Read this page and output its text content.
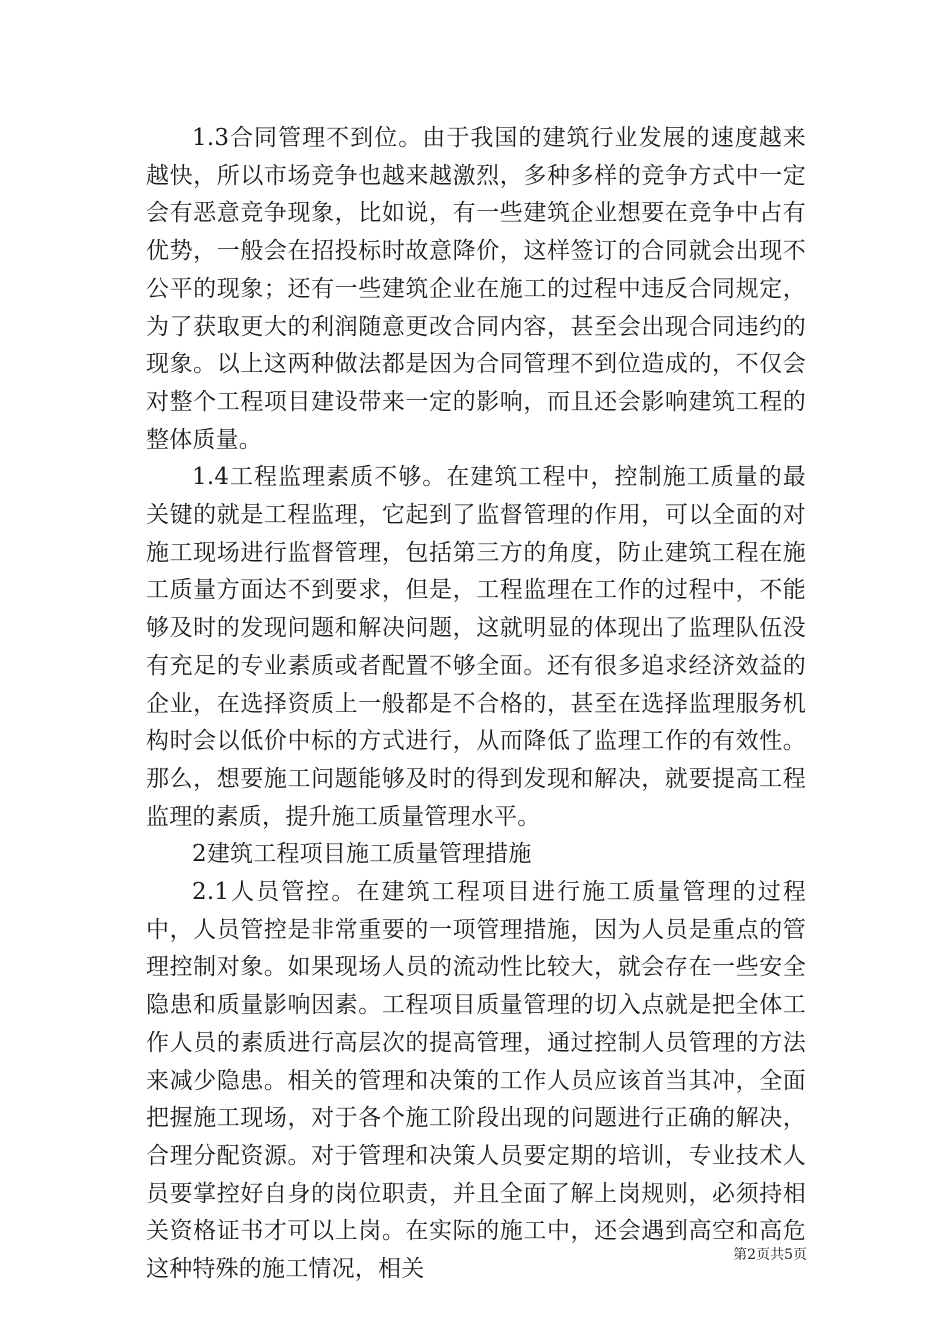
1.3合同管理不到位。由于我国的建筑行业发展的速度越来越快，所以市场竞争也越来越激烈，多种多样的竞争方式中一定会有恶意竞争现象，比如说，有一些建筑企业想要在竞争中占有优势，一般会在招投标时故意降价，这样签订的合同就会出现不公平的现象；还有一些建筑企业在施工的过程中违反合同规定，为了获取更大的利润随意更改合同内容，甚至会出现合同违约的现象。以上这两种做法都是因为合同管理不到位造成的，不仅会对整个工程项目建设带来一定的影响，而且还会影响建筑工程的整体质量。

1.4工程监理素质不够。在建筑工程中，控制施工质量的最关键的就是工程监理，它起到了监督管理的作用，可以全面的对施工现场进行监督管理，包括第三方的角度，防止建筑工程在施工质量方面达不到要求，但是，工程监理在工作的过程中，不能够及时的发现问题和解决问题，这就明显的体现出了监理队伍没有充足的专业素质或者配置不够全面。还有很多追求经济效益的企业，在选择资质上一般都是不合格的，甚至在选择监理服务机构时会以低价中标的方式进行，从而降低了监理工作的有效性。那么，想要施工问题能够及时的得到发现和解决，就要提高工程监理的素质，提升施工质量管理水平。

2建筑工程项目施工质量管理措施

2.1人员管控。在建筑工程项目进行施工质量管理的过程中，人员管控是非常重要的一项管理措施，因为人员是重点的管理控制对象。如果现场人员的流动性比较大，就会存在一些安全隐患和质量影响因素。工程项目质量管理的切入点就是把全体工作人员的素质进行高层次的提高管理，通过控制人员管理的方法来减少隐患。相关的管理和决策的工作人员应该首当其冲，全面把握施工现场，对于各个施工阶段出现的问题进行正确的解决，合理分配资源。对于管理和决策人员要定期的培训，专业技术人员要掌控好自身的岗位职责，并且全面了解上岗规则，必须持相关资格证书才可以上岗。在实际的施工中，还会遇到高空和高危这种特殊的施工情况，相关

第2页共5页
